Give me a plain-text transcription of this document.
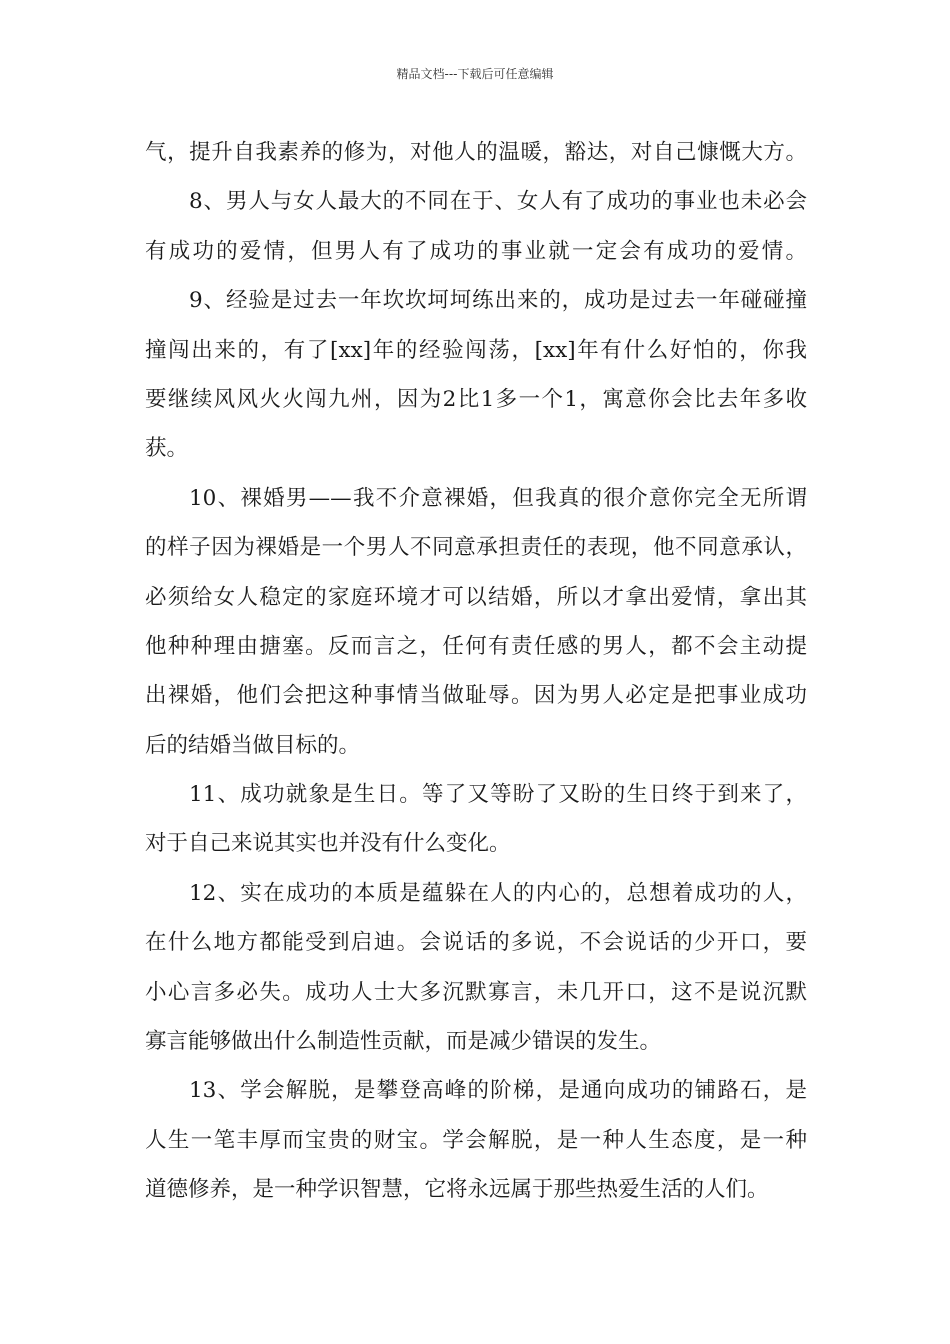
精品文档---下载后可任意编辑
气，提升自我素养的修为，对他人的温暖，豁达，对自己慷慨大方。
8、男人与女人最大的不同在于、女人有了成功的事业也未必会
有成功的爱情，但男人有了成功的事业就一定会有成功的爱情。
9、经验是过去一年坎坎坷坷练出来的，成功是过去一年碰碰撞
撞闯出来的，有了[xx]年的经验闯荡，[xx]年有什么好怕的，你我
要继续风风火火闯九州，因为2比1多一个1，寓意你会比去年多收
获。
10、裸婚男——我不介意裸婚，但我真的很介意你完全无所谓
的样子因为裸婚是一个男人不同意承担责任的表现，他不同意承认，
必须给女人稳定的家庭环境才可以结婚，所以才拿出爱情，拿出其
他种种理由搪塞。反而言之，任何有责任感的男人，都不会主动提
出裸婚，他们会把这种事情当做耻辱。因为男人必定是把事业成功
后的结婚当做目标的。
11、成功就象是生日。等了又等盼了又盼的生日终于到来了，
对于自己来说其实也并没有什么变化。
12、实在成功的本质是蕴躲在人的内心的，总想着成功的人，
在什么地方都能受到启迪。会说话的多说，不会说话的少开口，要
小心言多必失。成功人士大多沉默寡言，未几开口，这不是说沉默
寡言能够做出什么制造性贡献，而是减少错误的发生。
13、学会解脱，是攀登高峰的阶梯，是通向成功的铺路石，是
人生一笔丰厚而宝贵的财宝。学会解脱，是一种人生态度，是一种
道德修养，是一种学识智慧，它将永远属于那些热爱生活的人们。
